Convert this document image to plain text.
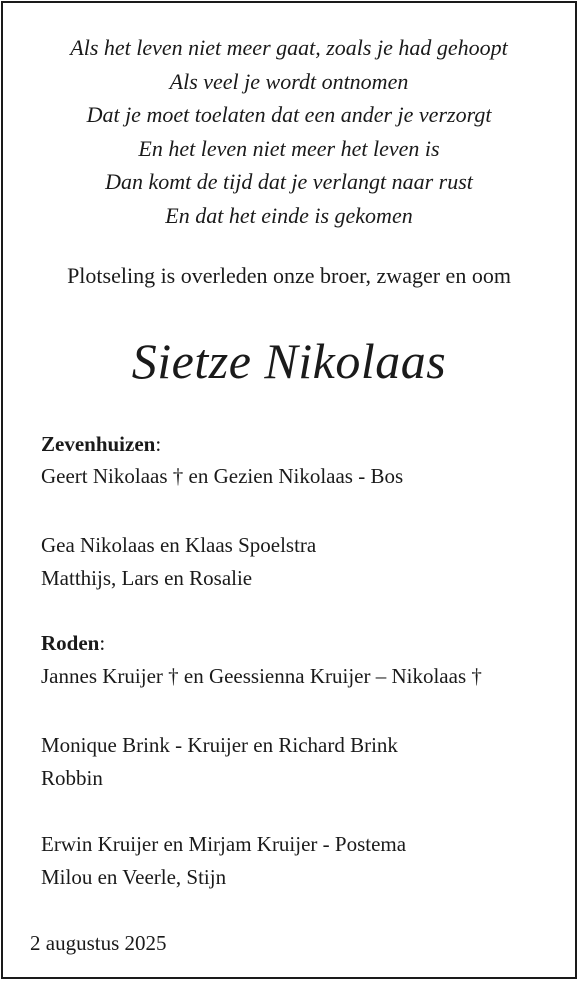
Als het leven niet meer gaat, zoals je had gehoopt
Als veel je wordt ontnomen
Dat je moet toelaten dat een ander je verzorgt
En het leven niet meer het leven is
Dan komt de tijd dat je verlangt naar rust
En dat het einde is gekomen
Plotseling is overleden onze broer, zwager en oom
Sietze Nikolaas
Zevenhuizen:
Geert Nikolaas † en Gezien Nikolaas - Bos
Gea Nikolaas en Klaas Spoelstra
Matthijs, Lars en Rosalie
Roden:
Jannes Kruijer † en Geessienna Kruijer – Nikolaas †
Monique Brink - Kruijer en Richard Brink
Robbin
Erwin Kruijer en Mirjam Kruijer - Postema
Milou en Veerle, Stijn
2 augustus 2025
